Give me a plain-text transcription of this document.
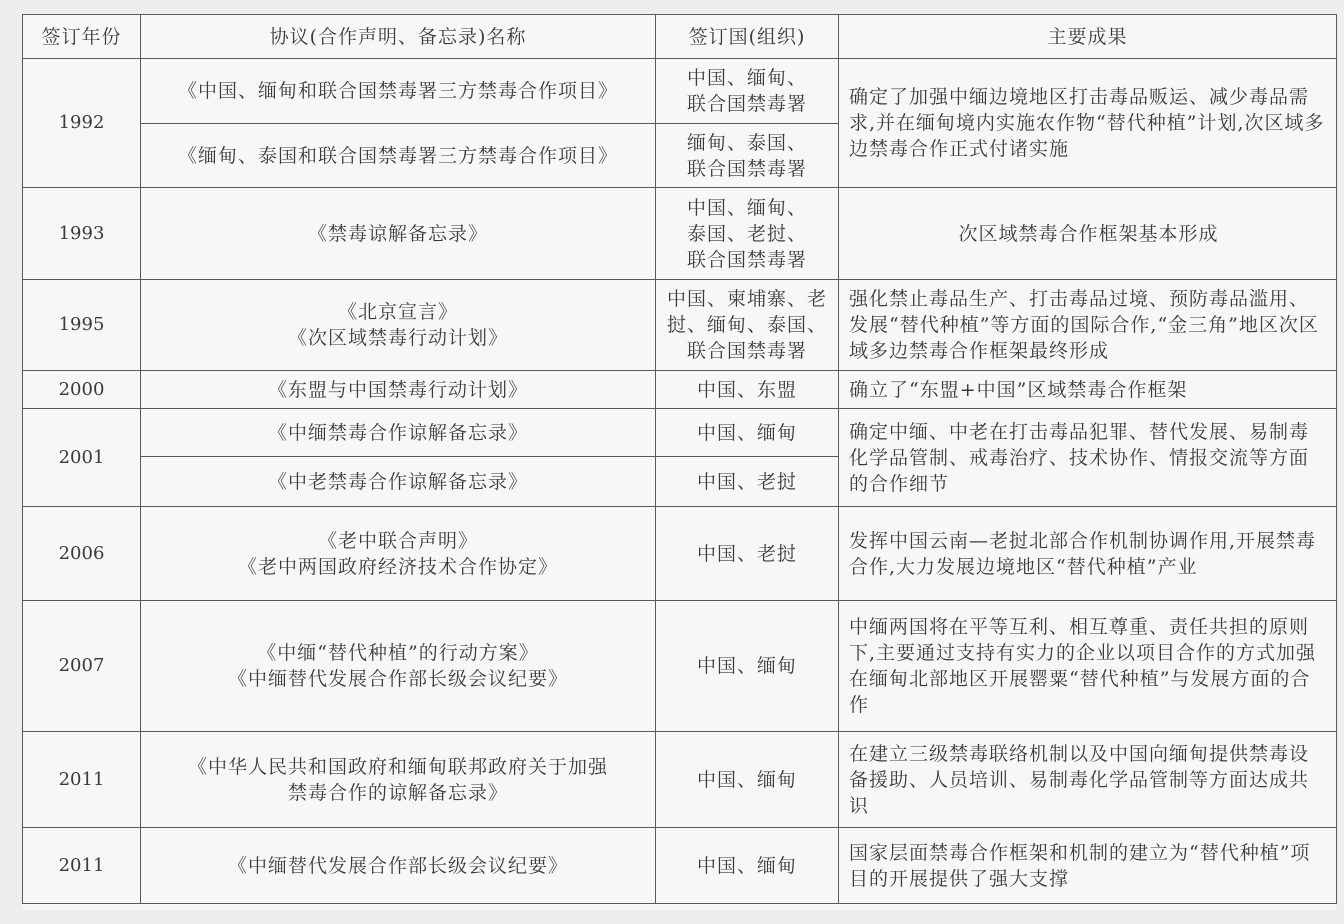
签订年份	协议(合作声明、备忘录)名称	签订国(组织)	主要成果
1992	《中国、缅甸和联合国禁毒署三方禁毒合作项目》	中国、缅甸、
联合国禁毒署	确定了加强中缅边境地区打击毒品贩运、减少毒品需求,并在缅甸境内实施农作物“替代种植”计划,次区域多边禁毒合作正式付诸实施

	《缅甸、泰国和联合国禁毒署三方禁毒合作项目》	缅甸、泰国、
联合国禁毒署	

1993	《禁毒谅解备忘录》	中国、缅甸、
泰国、老挝、
联合国禁毒署	次区域禁毒合作框架基本形成
1995	《北京宣言》
《次区域禁毒行动计划》	中国、柬埔寨、老
挝、缅甸、泰国、
联合国禁毒署	强化禁止毒品生产、打击毒品过境、预防毒品滥用、发展“替代种植”等方面的国际合作,“金三角”地区次区域多边禁毒合作框架最终形成
2000	《东盟与中国禁毒行动计划》	中国、东盟	确立了“东盟+中国”区域禁毒合作框架
2001	《中缅禁毒合作谅解备忘录》	中国、缅甸	确定中缅、中老在打击毒品犯罪、替代发展、易制毒化学品管制、戒毒治疗、技术协作、情报交流等方面的合作细节

	《中老禁毒合作谅解备忘录》	中国、老挝	

2006	《老中联合声明》
《老中两国政府经济技术合作协定》	中国、老挝	发挥中国云南—老挝北部合作机制协调作用,开展禁毒合作,大力发展边境地区“替代种植”产业
2007	《中缅“替代种植”的行动方案》
《中缅替代发展合作部长级会议纪要》	中国、缅甸	中缅两国将在平等互利、相互尊重、责任共担的原则下,主要通过支持有实力的企业以项目合作的方式加强在缅甸北部地区开展罂粟“替代种植”与发展方面的合作
2011	《中华人民共和国政府和缅甸联邦政府关于加强
禁毒合作的谅解备忘录》	中国、缅甸	在建立三级禁毒联络机制以及中国向缅甸提供禁毒设备援助、人员培训、易制毒化学品管制等方面达成共识
2011	《中缅替代发展合作部长级会议纪要》	中国、缅甸	国家层面禁毒合作框架和机制的建立为“替代种植”项目的开展提供了强大支撑
